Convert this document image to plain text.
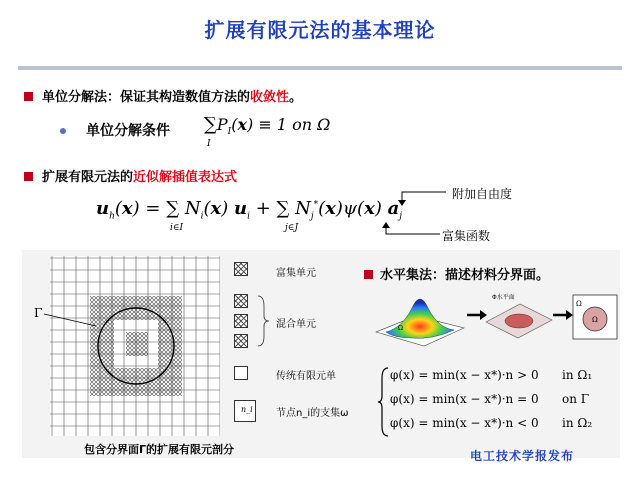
扩展有限元法的基本理论
单位分解法：保证其构造数值方法的收敛性。
单位分解条件 $\sum P_I(x) \equiv 1$ on Ω
I
扩展有限元法的近似解插值表达式
$u_h(x)$ = ∑ $N_i(x) u_i$ + ∑ $N_j^*(x)\psi(x)$ $a_j$
i∈I	j∈J
附加自由度
富集函数
Γ
富集单元
混合单元
传统有限元单
n_i 节点n_i的支集ω
包含分界面Γ的扩展有限元剖分
水平集法：描述材料分界面。
Ω
Φ水平面
Ω
Ω
φ(x) = min(x − x*)·n > 0 in Ω₁
φ(x) = min(x − x*)·n = 0 on Γ
φ(x) = min(x − x*)·n < 0 in Ω₂
电工技术学报发布
